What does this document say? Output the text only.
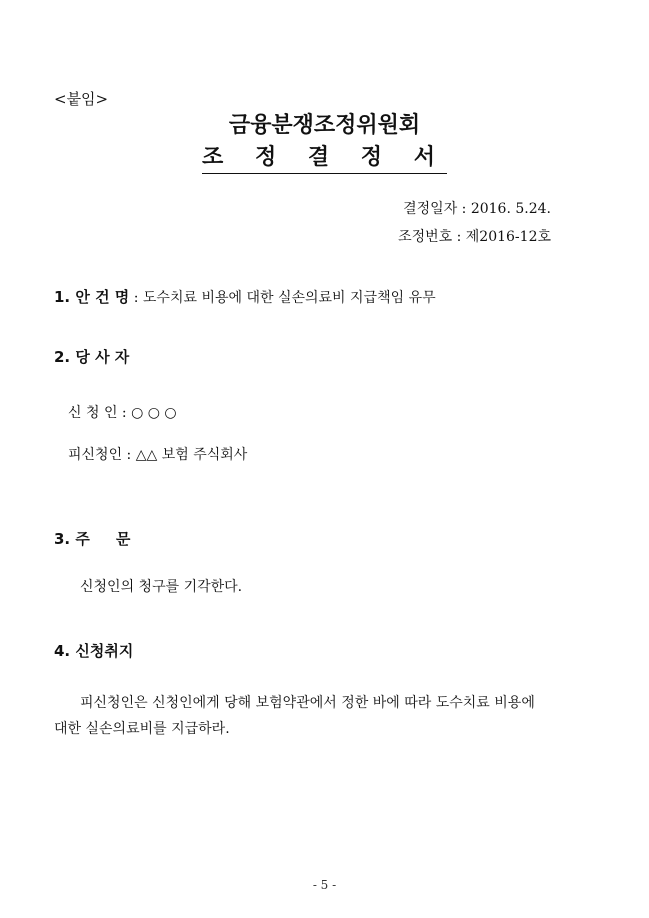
<붙임>
금융분쟁조정위원회
조 정 결 정 서
결정일자 : 2016. 5.24.
조정번호 : 제2016-12호
1. 안 건 명 : 도수치료 비용에 대한 실손의료비 지급책임 유무
2. 당 사 자
신 청 인 : ○ ○ ○
피신청인 : △△ 보험 주식회사
3. 주 문
신청인의 청구를 기각한다.
4. 신청취지
피신청인은 신청인에게 당해 보험약관에서 정한 바에 따라 도수치료 비용에
대한 실손의료비를 지급하라.
- 5 -
